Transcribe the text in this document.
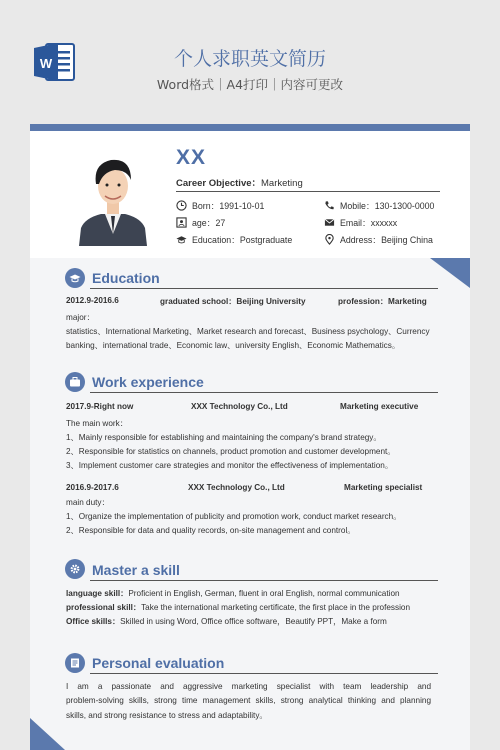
W	个人求职英文简历
Word格式｜A4打印｜内容可更改
XX
Career Objective：Marketing
Born：1991-10-01
age：27
Education：Postgraduate
Mobile：130-1300-0000
Email：xxxxxx
Address：Beijing China
Education
2012.9-2016.6	graduated school：Beijing University	profession：Marketing
major：
statistics、International Marketing、Market research and forecast、Business psychology、Currency
banking、international trade、Economic law、university English、Economic Mathematics。
Work experience
2017.9-Right now	XXX Technology Co., Ltd	Marketing executive
The main work：
1、Mainly responsible for establishing and maintaining the company's brand strategy。
2、Responsible for statistics on channels, product promotion and customer development。
3、Implement customer care strategies and monitor the effectiveness of implementation。
2016.9-2017.6	XXX Technology Co., Ltd	Marketing specialist
main duty：
1、Organize the implementation of publicity and promotion work, conduct market research。
2、Responsible for data and quality records, on-site management and control。
Master a skill
language skill：Proficient in English, German, fluent in oral English, normal communication
professional skill：Take the international marketing certificate, the first place in the profession
Office skills：Skilled in using Word, Office office software，Beautify PPT，Make a form
Personal evaluation
I am a passionate and aggressive marketing specialist with team leadership and
problem-solving skills, strong time management skills, strong analytical thinking and planning
skills, and strong resistance to stress and adaptability。
